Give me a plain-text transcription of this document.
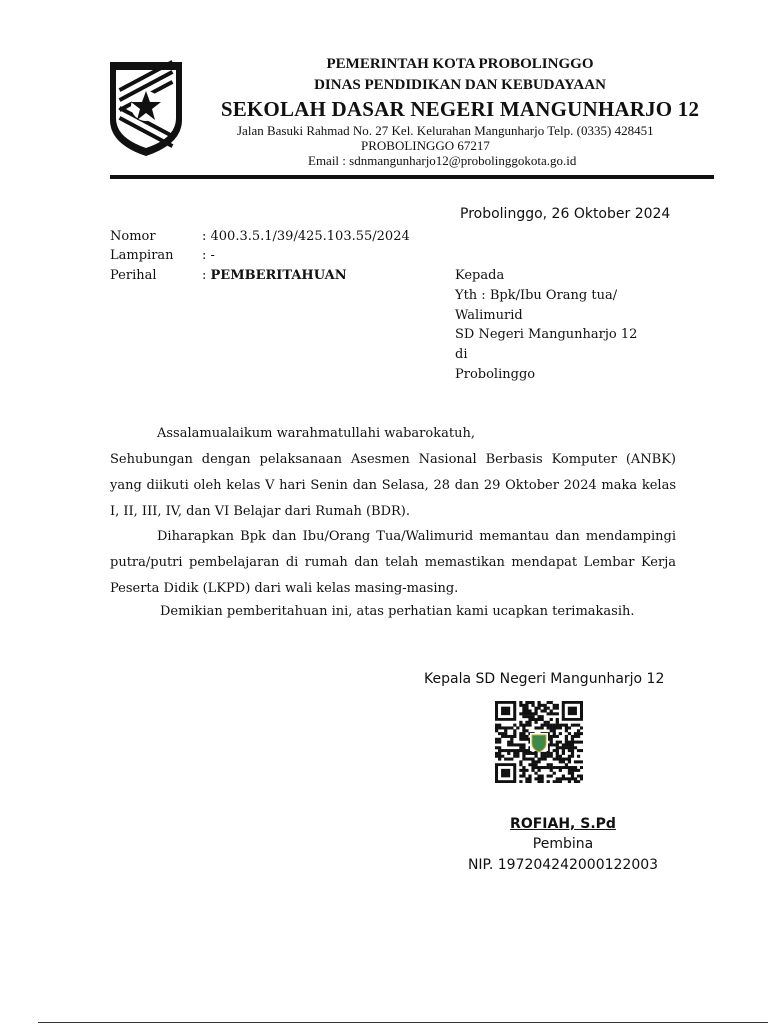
PEMERINTAH KOTA PROBOLINGGO
DINAS PENDIDIKAN DAN KEBUDAYAAN
SEKOLAH DASAR NEGERI MANGUNHARJO 12
Jalan Basuki Rahmad No. 27 Kel. Kelurahan Mangunharjo Telp. (0335) 428451
PROBOLINGGO 67217
Email : sdnmangunharjo12@probolinggokota.go.id
Probolinggo, 26 Oktober 2024
Nomor	: 400.3.5.1/39/425.103.55/2024
Lampiran : -
Perihal	: PEMBERITAHUAN	Kepada
Yth : Bpk/Ibu Orang tua/
Walimurid
SD Negeri Mangunharjo 12
di
Probolinggo
Assalamualaikum warahmatullahi wabarokatuh,
Sehubungan dengan pelaksanaan Asesmen Nasional Berbasis Komputer (ANBK) yang diikuti oleh kelas V hari Senin dan Selasa, 28 dan 29 Oktober 2024 maka kelas I, II, III, IV, dan VI Belajar dari Rumah (BDR).
Diharapkan Bpk dan Ibu/Orang Tua/Walimurid memantau dan mendampingi putra/putri pembelajaran di rumah dan telah memastikan mendapat Lembar Kerja Peserta Didik (LKPD) dari wali kelas masing-masing.
Demikian pemberitahuan ini, atas perhatian kami ucapkan terimakasih.
Kepala SD Negeri Mangunharjo 12
ROFIAH, S.Pd
Pembina
NIP. 197204242000122003
